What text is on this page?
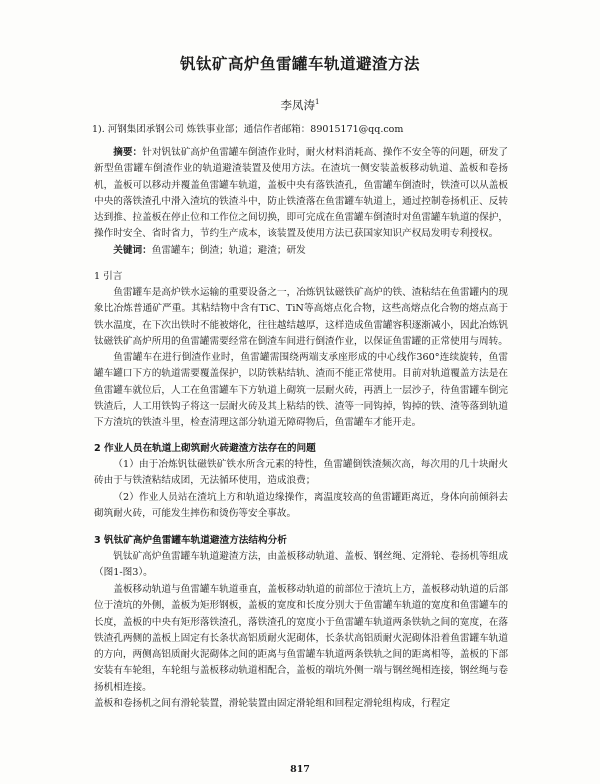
钒钛矿高炉鱼雷罐车轨道避渣方法
李凤涛$^1$
1). 河钢集团承钢公司 炼铁事业部；通信作者邮箱：89015171@qq.com

摘要：针对钒钛矿高炉鱼雷罐车倒渣作业时，耐火材料消耗高、操作不安全等的问题，研发了新型鱼雷罐车倒渣作业的轨道避渣装置及使用方法。在渣坑一侧安装盖板移动轨道、盖板和卷扬机，盖板可以移动并覆盖鱼雷罐车轨道，盖板中央有落铁渣孔，鱼雷罐车倒渣时，铁渣可以从盖板中央的落铁渣孔中滑入渣坑的铁渣斗中，防止铁渣落在鱼雷罐车轨道上，通过控制卷扬机正、反转达到推、拉盖板在停止位和工作位之间切换，即可完成在鱼雷罐车倒渣时对鱼雷罐车轨道的保护，操作时安全、省时省力，节约生产成本，该装置及使用方法已获国家知识产权局发明专利授权。

关键词：鱼雷罐车；倒渣；轨道；避渣；研发

1 引言

鱼雷罐车是高炉铁水运输的重要设备之一，冶炼钒钛磁铁矿高炉的铁、渣粘结在鱼雷罐内的现象比冶炼普通矿严重。其粘结物中含有TiC、TiN等高熔点化合物，这些高熔点化合物的熔点高于铁水温度，在下次出铁时不能被熔化，往往越结越厚，这样造成鱼雷罐容积逐渐减小，因此冶炼钒钛磁铁矿高炉所用的鱼雷罐需要经常在倒渣车间进行倒渣作业，以保证鱼雷罐的正常使用与周转。

鱼雷罐车在进行倒渣作业时，鱼雷罐需围绕两端支承座形成的中心线作360°连续旋转，鱼雷罐车罐口下方的轨道需要覆盖保护，以防铁粘结轨、渣而不能正常使用。目前对轨道覆盖方法是在鱼雷罐车就位后，人工在鱼雷罐车下方轨道上砌筑一层耐火砖，再洒上一层沙子，待鱼雷罐车倒完铁渣后，人工用铁钩子将这一层耐火砖及其上粘结的铁、渣等一同钩掉，钩掉的铁、渣等落到轨道下方渣坑的铁渣斗里，检查清理这部分轨道无障碍物后，鱼雷罐车才能开走。

2 作业人员在轨道上砌筑耐火砖避渣方法存在的问题

（1）由于冶炼钒钛磁铁矿铁水所含元素的特性，鱼雷罐倒铁渣频次高，每次用的几十块耐火砖由于与铁渣粘结成团，无法循环使用，造成浪费；

（2）作业人员站在渣坑上方和轨道边缘操作，离温度较高的鱼雷罐距离近，身体向前倾斜去砌筑耐火砖，可能发生摔伤和烫伤等安全事故。

3 钒钛矿高炉鱼雷罐车轨道避渣方法结构分析

钒钛矿高炉鱼雷罐车轨道避渣方法，由盖板移动轨道、盖板、钢丝绳、定滑轮、卷扬机等组成（图1-图3）。

盖板移动轨道与鱼雷罐车轨道垂直，盖板移动轨道的前部位于渣坑上方，盖板移动轨道的后部位于渣坑的外侧，盖板为矩形钢板，盖板的宽度和长度分别大于鱼雷罐车轨道的宽度和鱼雷罐车的长度，盖板的中央有矩形落铁渣孔，落铁渣孔的宽度小于鱼雷罐车轨道两条铁轨之间的宽度，在落铁渣孔两侧的盖板上固定有长条状高铝质耐火泥砌体，长条状高铝质耐火泥砌体沿着鱼雷罐车轨道的方向，两侧高铝质耐火泥砌体之间的距离与鱼雷罐车轨道两条铁轨之间的距离相等，盖板的下部安装有车轮组，车轮组与盖板移动轨道相配合，盖板的端坑外侧一端与钢丝绳相连接，钢丝绳与卷扬机相连接。

盖板和卷扬机之间有滑轮装置，滑轮装置由固定滑轮组和回程定滑轮组构成，行程定

817
